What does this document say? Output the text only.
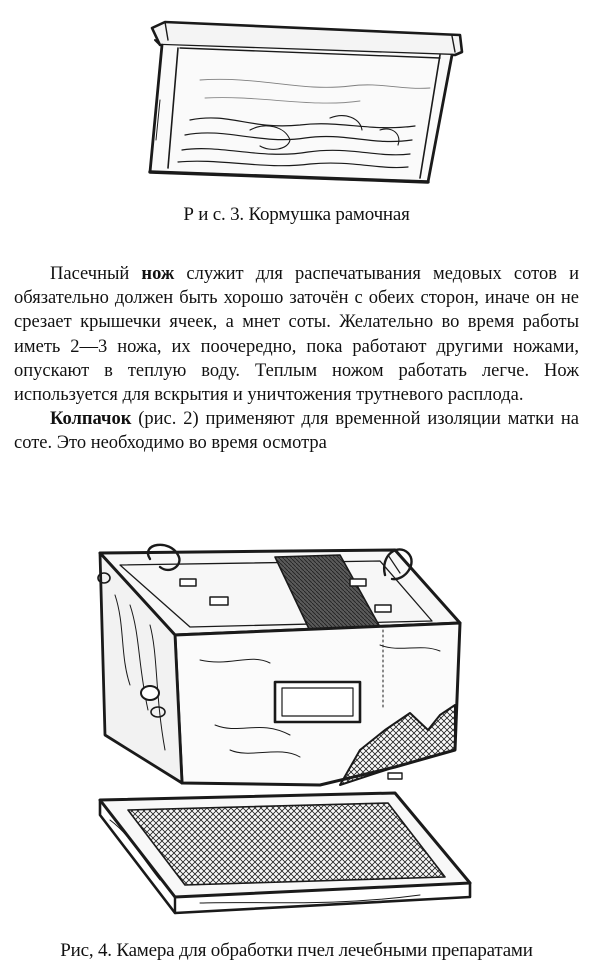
Р и с. 3. Кормушка рамочная

Пасечный нож служит для распечатывания медовых сотов и обязательно должен быть хорошо заточён с обеих сторон, иначе он не срезает крышечки ячеек, а мнет соты. Желательно во время работы иметь 2—3 ножа, их поочередно, пока работают другими ножами, опускают в теплую воду. Теплым ножом работать легче. Нож используется для вскрытия и уничтожения трутневого расплода.

Колпачок (рис. 2) применяют для временной изоляции матки на соте. Это необходимо во время осмотра

Рис, 4. Камера для обработки пчел лечебными препаратами
